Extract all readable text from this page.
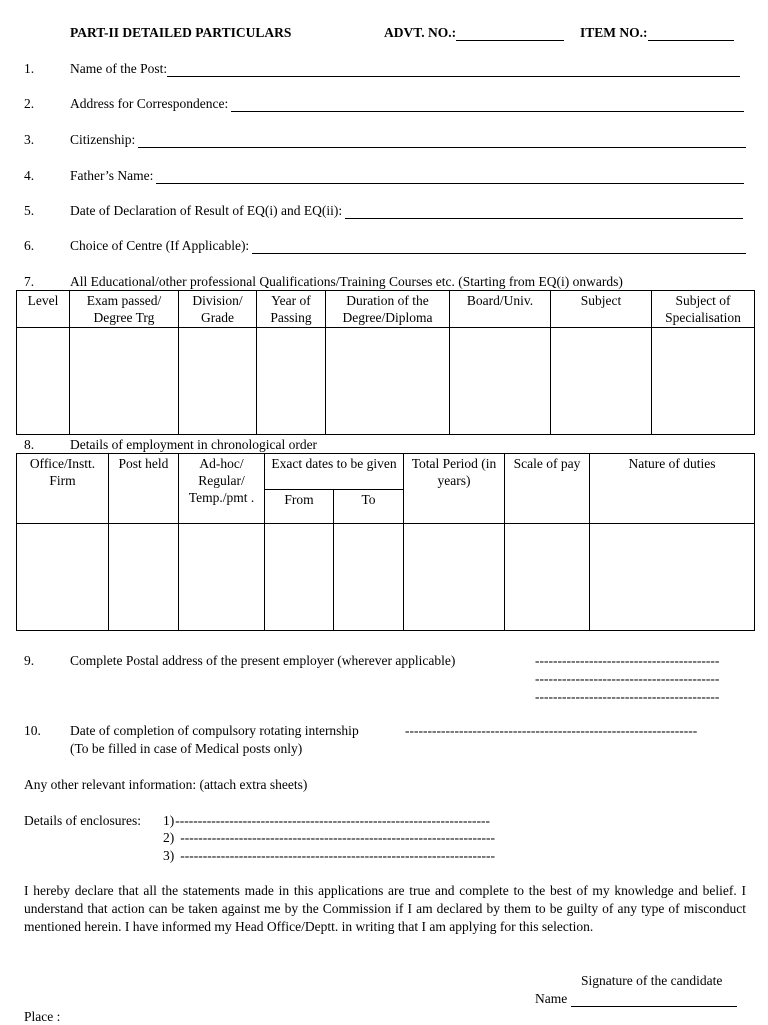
PART-II DETAILED PARTICULARS	ADVT. NO.:	ITEM NO.:
1.	Name of the Post:
2.	Address for Correspondence:
3.	Citizenship:
4.	Father’s Name:
5.	Date of Declaration of Result of EQ(i) and EQ(ii):
6.	Choice of Centre (If Applicable):
7.	All Educational/other professional Qualifications/Training Courses etc. (Starting from EQ(i) onwards)
Level	Exam passed/ Degree Trg	Division/ Grade	Year of Passing	Duration of the Degree/Diploma	Board/Univ.	Subject	Subject of Specialisation

8.	Details of employment in chronological order
Office/Instt. Firm	Post held	Ad-hoc/ Regular/ Temp./pmt .	Exact dates to be given		Total Period (in years)	Scale of pay	Nature of duties
			From	To			

9.	Complete Postal address of the present employer (wherever applicable)	-----------------------------------------
-----------------------------------------
-----------------------------------------
10. Date of completion of compulsory rotating internship	-----------------------------------------------------------------
(To be filled in case of Medical posts only)
Any other relevant information: (attach extra sheets)
Details of enclosures: 1) ----------------------------------------------------------------------
2) ----------------------------------------------------------------------
3) ----------------------------------------------------------------------
I hereby declare that all the statements made in this applications are true and complete to the best of my knowledge and belief. I understand that action can be taken against me by the Commission if I am declared by them to be guilty of any type of misconduct mentioned herein. I have informed my Head Office/Deptt. in writing that I am applying for this selection.
Signature of the candidate
Name
Place :
